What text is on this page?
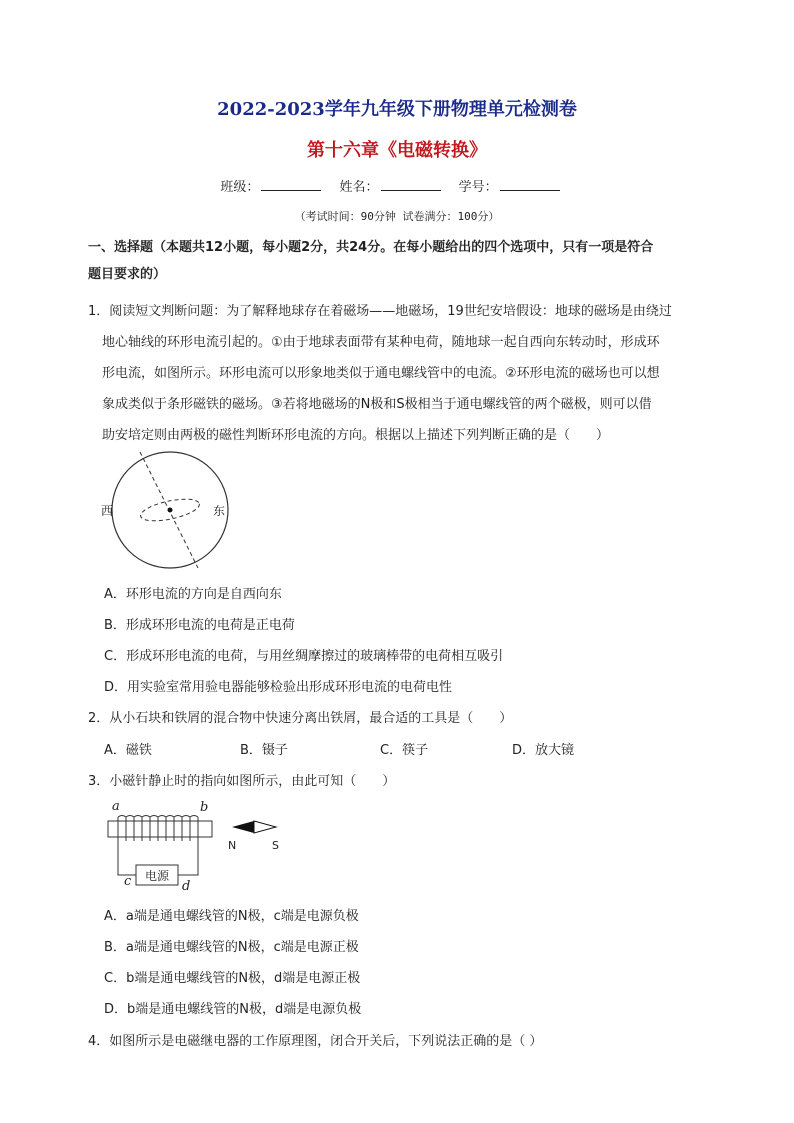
2022-2023学年九年级下册物理单元检测卷
第十六章《电磁转换》
班级：	姓名：	学号：
（考试时间：90分钟 试卷满分：100分）
一、选择题（本题共12小题，每小题2分，共24分。在每小题给出的四个选项中，只有一项是符合
题目要求的）
1．阅读短文判断问题：为了解释地球存在着磁场——地磁场，19世纪安培假设：地球的磁场是由绕过
地心轴线的环形电流引起的。①由于地球表面带有某种电荷，随地球一起自西向东转动时，形成环
形电流，如图所示。环形电流可以形象地类似于通电螺线管中的电流。②环形电流的磁场也可以想
象成类似于条形磁铁的磁场。③若将地磁场的N极和S极相当于通电螺线管的两个磁极，则可以借
助安培定则由两极的磁性判断环形电流的方向。根据以上描述下列判断正确的是（　　）
西	东
A．环形电流的方向是自西向东
B．形成环形电流的电荷是正电荷
C．形成环形电流的电荷，与用丝绸摩擦过的玻璃棒带的电荷相互吸引
D．用实验室常用验电器能够检验出形成环形电流的电荷电性
2．从小石块和铁屑的混合物中快速分离出铁屑，最合适的工具是（　　）
A．磁铁	B．镊子	C．筷子	D．放大镜
3．小磁针静止时的指向如图所示，由此可知（　　）
电源
a	b
c	d
N	S
A．a端是通电螺线管的N极，c端是电源负极
B．a端是通电螺线管的N极，c端是电源正极
C．b端是通电螺线管的N极，d端是电源正极
D．b端是通电螺线管的N极，d端是电源负极
4．如图所示是电磁继电器的工作原理图，闭合开关后，下列说法正确的是（ ）
